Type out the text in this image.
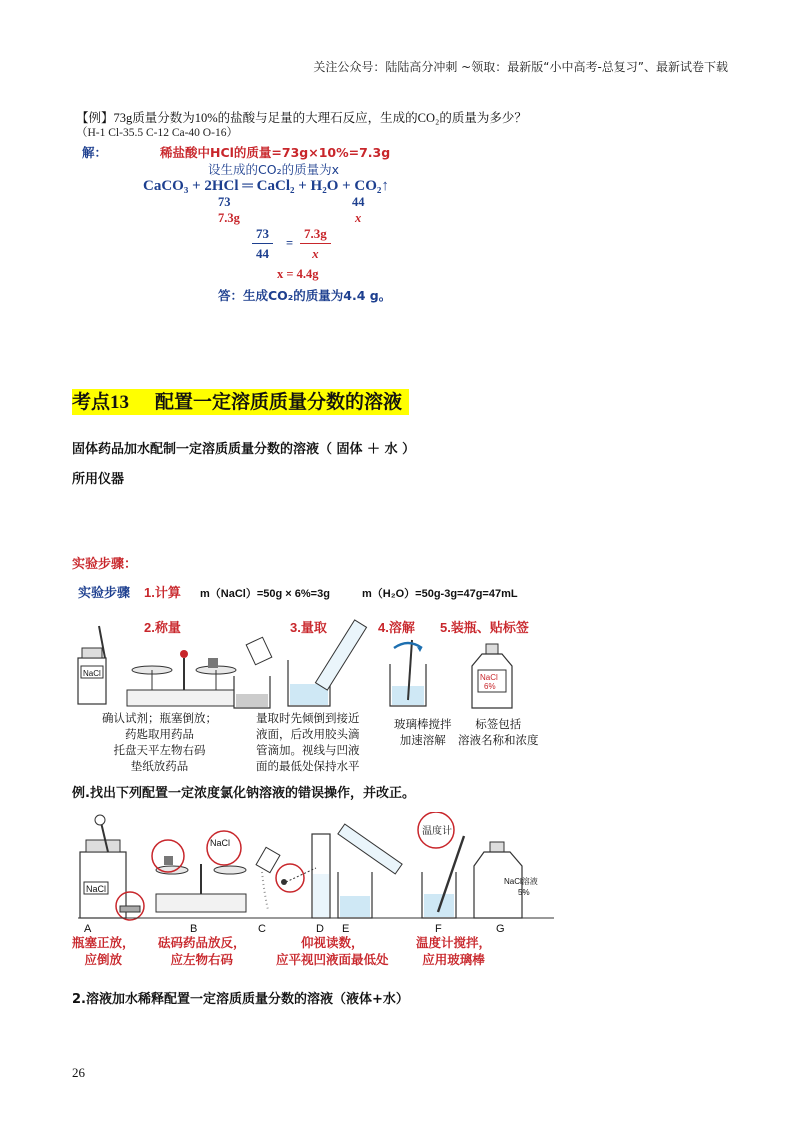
关注公众号：陆陆高分冲刺 ~领取：最新版“小中高考-总复习”、最新试卷下载
【例】73g质量分数为10%的盐酸与足量的大理石反应，生成的CO₂的质量为多少？
（H-1 Cl-35.5 C-12 Ca-40 O-16）
解：	稀盐酸中HCl的质量=73g×10%=7.3g
设生成的CO₂的质量为x
CaCO₃ + 2HCl ═ CaCl₂ + H₂O + CO₂↑
73	44
7.3g	x
$\frac{73}{44} = \frac{7.3g}{x}$
x = 4.4g
答：生成CO₂的质量为4.4 g。
考点13 配置一定溶质质量分数的溶液
固体药品加水配制一定溶质质量分数的溶液（ 固体 ＋ 水 ）
所用仪器
实验步骤：
实验步骤 1.计算 m（NaCl）=50g × 6%=3g	m（H₂O）=50g-3g=47g=47mL
2.称量	3.量取	4.溶解 5.装瓶、贴标签
NaCl	NaCl
6%
确认试剂；瓶塞倒放；
药匙取用药品
托盘天平左物右码
垫纸放药品
量取时先倾倒到接近
液面，后改用胶头滴
管滴加。视线与凹液
面的最低处保持水平
玻璃棒搅拌
加速溶解
标签包括
溶液名称和浓度
例.找出下列配置一定浓度氯化钠溶液的错误操作，并改正。
NaCl
NaCl
温度计
NaCl溶液
5%
A	B	C	D E	F	G
瓶塞正放，
应倒放
砝码药品放反，
应左物右码
仰视读数，
应平视凹液面最低处
温度计搅拌，
应用玻璃棒
2.溶液加水稀释配置一定溶质质量分数的溶液（液体+水）
26
